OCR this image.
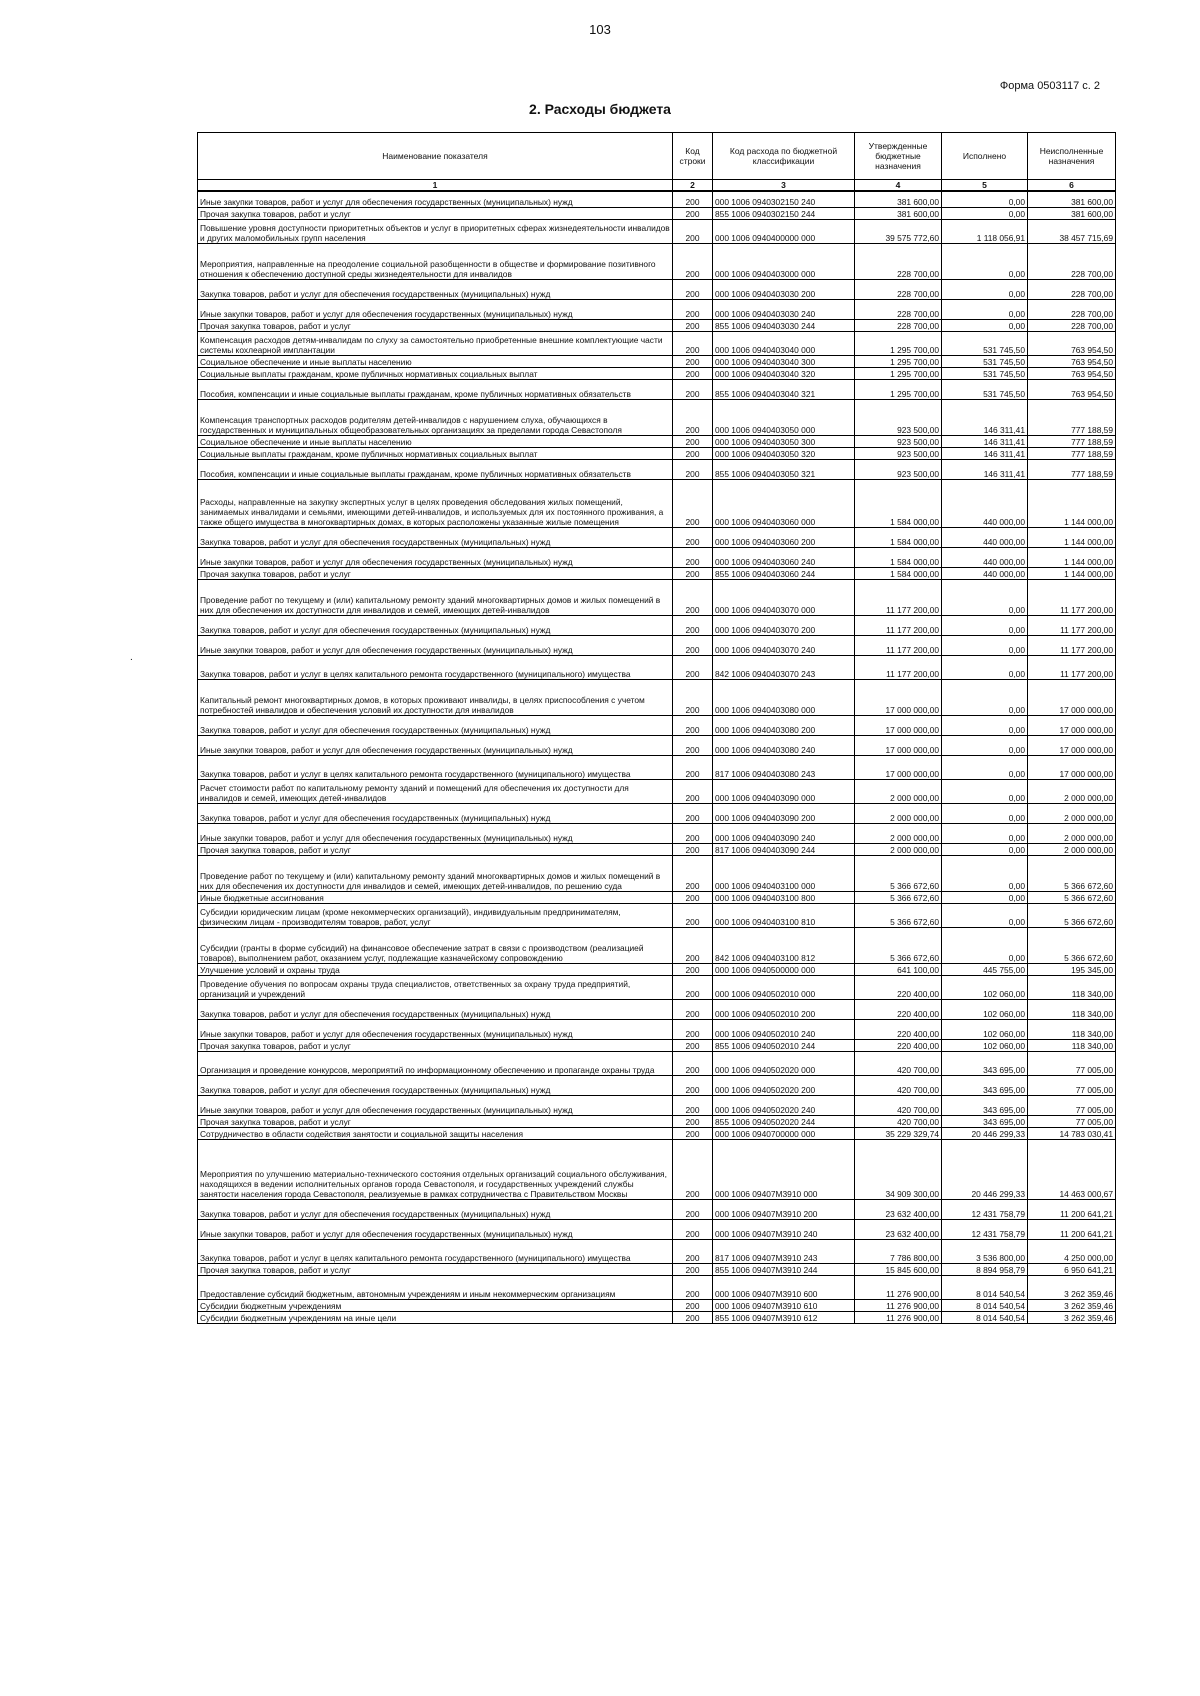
103
Форма 0503117 с. 2
2. Расходы бюджета
.
Наименование показателя	Код строки	Код расхода по бюджетной классификации	Утвержденные бюджетные назначения	Исполнено	Неисполненные назначения
1	2	3	4	5	6
Иные закупки товаров, работ и услуг для обеспечения государственных (муниципальных) нужд	200	000 1006 0940302150 240	381 600,00	0,00	381 600,00
Прочая закупка товаров, работ и услуг	200	855 1006 0940302150 244	381 600,00	0,00	381 600,00
Повышение уровня доступности приоритетных объектов и услуг в приоритетных сферах жизнедеятельности инвалидов и других маломобильных групп населения	200	000 1006 0940400000 000	39 575 772,60	1 118 056,91	38 457 715,69
Мероприятия, направленные на преодоление социальной разобщенности в обществе и формирование позитивного отношения к обеспечению доступной среды жизнедеятельности для инвалидов	200	000 1006 0940403000 000	228 700,00	0,00	228 700,00
Закупка товаров, работ и услуг для обеспечения государственных (муниципальных) нужд	200	000 1006 0940403030 200	228 700,00	0,00	228 700,00
Иные закупки товаров, работ и услуг для обеспечения государственных (муниципальных) нужд	200	000 1006 0940403030 240	228 700,00	0,00	228 700,00
Прочая закупка товаров, работ и услуг	200	855 1006 0940403030 244	228 700,00	0,00	228 700,00
Компенсация расходов детям-инвалидам по слуху за самостоятельно приобретенные внешние комплектующие части системы кохлеарной имплантации	200	000 1006 0940403040 000	1 295 700,00	531 745,50	763 954,50
Социальное обеспечение и иные выплаты населению	200	000 1006 0940403040 300	1 295 700,00	531 745,50	763 954,50
Социальные выплаты гражданам, кроме публичных нормативных социальных выплат	200	000 1006 0940403040 320	1 295 700,00	531 745,50	763 954,50
Пособия, компенсации и иные социальные выплаты гражданам, кроме публичных нормативных обязательств	200	855 1006 0940403040 321	1 295 700,00	531 745,50	763 954,50
Компенсация транспортных расходов родителям детей-инвалидов с нарушением слуха, обучающихся в государственных и муниципальных общеобразовательных организациях за пределами города Севастополя	200	000 1006 0940403050 000	923 500,00	146 311,41	777 188,59
Социальное обеспечение и иные выплаты населению	200	000 1006 0940403050 300	923 500,00	146 311,41	777 188,59
Социальные выплаты гражданам, кроме публичных нормативных социальных выплат	200	000 1006 0940403050 320	923 500,00	146 311,41	777 188,59
Пособия, компенсации и иные социальные выплаты гражданам, кроме публичных нормативных обязательств	200	855 1006 0940403050 321	923 500,00	146 311,41	777 188,59
Расходы, направленные на закупку экспертных услуг в целях проведения обследования жилых помещений, занимаемых инвалидами и семьями, имеющими детей-инвалидов, и используемых для их постоянного проживания, а также общего имущества в многоквартирных домах, в которых расположены указанные жилые помещения	200	000 1006 0940403060 000	1 584 000,00	440 000,00	1 144 000,00
Закупка товаров, работ и услуг для обеспечения государственных (муниципальных) нужд	200	000 1006 0940403060 200	1 584 000,00	440 000,00	1 144 000,00
Иные закупки товаров, работ и услуг для обеспечения государственных (муниципальных) нужд	200	000 1006 0940403060 240	1 584 000,00	440 000,00	1 144 000,00
Прочая закупка товаров, работ и услуг	200	855 1006 0940403060 244	1 584 000,00	440 000,00	1 144 000,00
Проведение работ по текущему и (или) капитальному ремонту зданий многоквартирных домов и жилых помещений в них для обеспечения их доступности для инвалидов и семей, имеющих детей-инвалидов	200	000 1006 0940403070 000	11 177 200,00	0,00	11 177 200,00
Закупка товаров, работ и услуг для обеспечения государственных (муниципальных) нужд	200	000 1006 0940403070 200	11 177 200,00	0,00	11 177 200,00
Иные закупки товаров, работ и услуг для обеспечения государственных (муниципальных) нужд	200	000 1006 0940403070 240	11 177 200,00	0,00	11 177 200,00
Закупка товаров, работ и услуг в целях капитального ремонта государственного (муниципального) имущества	200	842 1006 0940403070 243	11 177 200,00	0,00	11 177 200,00
Капитальный ремонт многоквартирных домов, в которых проживают инвалиды, в целях приспособления с учетом потребностей инвалидов и обеспечения условий их доступности для инвалидов	200	000 1006 0940403080 000	17 000 000,00	0,00	17 000 000,00
Закупка товаров, работ и услуг для обеспечения государственных (муниципальных) нужд	200	000 1006 0940403080 200	17 000 000,00	0,00	17 000 000,00
Иные закупки товаров, работ и услуг для обеспечения государственных (муниципальных) нужд	200	000 1006 0940403080 240	17 000 000,00	0,00	17 000 000,00
Закупка товаров, работ и услуг в целях капитального ремонта государственного (муниципального) имущества	200	817 1006 0940403080 243	17 000 000,00	0,00	17 000 000,00
Расчет стоимости работ по капитальному ремонту зданий и помещений для обеспечения их доступности для инвалидов и семей, имеющих детей-инвалидов	200	000 1006 0940403090 000	2 000 000,00	0,00	2 000 000,00
Закупка товаров, работ и услуг для обеспечения государственных (муниципальных) нужд	200	000 1006 0940403090 200	2 000 000,00	0,00	2 000 000,00
Иные закупки товаров, работ и услуг для обеспечения государственных (муниципальных) нужд	200	000 1006 0940403090 240	2 000 000,00	0,00	2 000 000,00
Прочая закупка товаров, работ и услуг	200	817 1006 0940403090 244	2 000 000,00	0,00	2 000 000,00
Проведение работ по текущему и (или) капитальному ремонту зданий многоквартирных домов и жилых помещений в них для обеспечения их доступности для инвалидов и семей, имеющих детей-инвалидов, по решению суда	200	000 1006 0940403100 000	5 366 672,60	0,00	5 366 672,60
Иные бюджетные ассигнования	200	000 1006 0940403100 800	5 366 672,60	0,00	5 366 672,60
Субсидии юридическим лицам (кроме некоммерческих организаций), индивидуальным предпринимателям, физическим лицам - производителям товаров, работ, услуг	200	000 1006 0940403100 810	5 366 672,60	0,00	5 366 672,60
Субсидии (гранты в форме субсидий) на финансовое обеспечение затрат в связи с производством (реализацией товаров), выполнением работ, оказанием услуг, подлежащие казначейскому сопровождению	200	842 1006 0940403100 812	5 366 672,60	0,00	5 366 672,60
Улучшение условий и охраны труда	200	000 1006 0940500000 000	641 100,00	445 755,00	195 345,00
Проведение обучения по вопросам охраны труда специалистов, ответственных за охрану труда предприятий, организаций и учреждений	200	000 1006 0940502010 000	220 400,00	102 060,00	118 340,00
Закупка товаров, работ и услуг для обеспечения государственных (муниципальных) нужд	200	000 1006 0940502010 200	220 400,00	102 060,00	118 340,00
Иные закупки товаров, работ и услуг для обеспечения государственных (муниципальных) нужд	200	000 1006 0940502010 240	220 400,00	102 060,00	118 340,00
Прочая закупка товаров, работ и услуг	200	855 1006 0940502010 244	220 400,00	102 060,00	118 340,00
Организация и проведение конкурсов, мероприятий по информационному обеспечению и пропаганде охраны труда	200	000 1006 0940502020 000	420 700,00	343 695,00	77 005,00
Закупка товаров, работ и услуг для обеспечения государственных (муниципальных) нужд	200	000 1006 0940502020 200	420 700,00	343 695,00	77 005,00
Иные закупки товаров, работ и услуг для обеспечения государственных (муниципальных) нужд	200	000 1006 0940502020 240	420 700,00	343 695,00	77 005,00
Прочая закупка товаров, работ и услуг	200	855 1006 0940502020 244	420 700,00	343 695,00	77 005,00
Сотрудничество в области содействия занятости и социальной защиты населения	200	000 1006 0940700000 000	35 229 329,74	20 446 299,33	14 783 030,41
Мероприятия по улучшению материально-технического состояния отдельных организаций социального обслуживания, находящихся в ведении исполнительных органов города Севастополя, и государственных учреждений службы занятости населения города Севастополя, реализуемые в рамках сотрудничества с Правительством Москвы	200	000 1006 09407М3910 000	34 909 300,00	20 446 299,33	14 463 000,67
Закупка товаров, работ и услуг для обеспечения государственных (муниципальных) нужд	200	000 1006 09407М3910 200	23 632 400,00	12 431 758,79	11 200 641,21
Иные закупки товаров, работ и услуг для обеспечения государственных (муниципальных) нужд	200	000 1006 09407М3910 240	23 632 400,00	12 431 758,79	11 200 641,21
Закупка товаров, работ и услуг в целях капитального ремонта государственного (муниципального) имущества	200	817 1006 09407М3910 243	7 786 800,00	3 536 800,00	4 250 000,00
Прочая закупка товаров, работ и услуг	200	855 1006 09407М3910 244	15 845 600,00	8 894 958,79	6 950 641,21
Предоставление субсидий бюджетным, автономным учреждениям и иным некоммерческим организациям	200	000 1006 09407М3910 600	11 276 900,00	8 014 540,54	3 262 359,46
Субсидии бюджетным учреждениям	200	000 1006 09407М3910 610	11 276 900,00	8 014 540,54	3 262 359,46
Субсидии бюджетным учреждениям на иные цели	200	855 1006 09407М3910 612	11 276 900,00	8 014 540,54	3 262 359,46
